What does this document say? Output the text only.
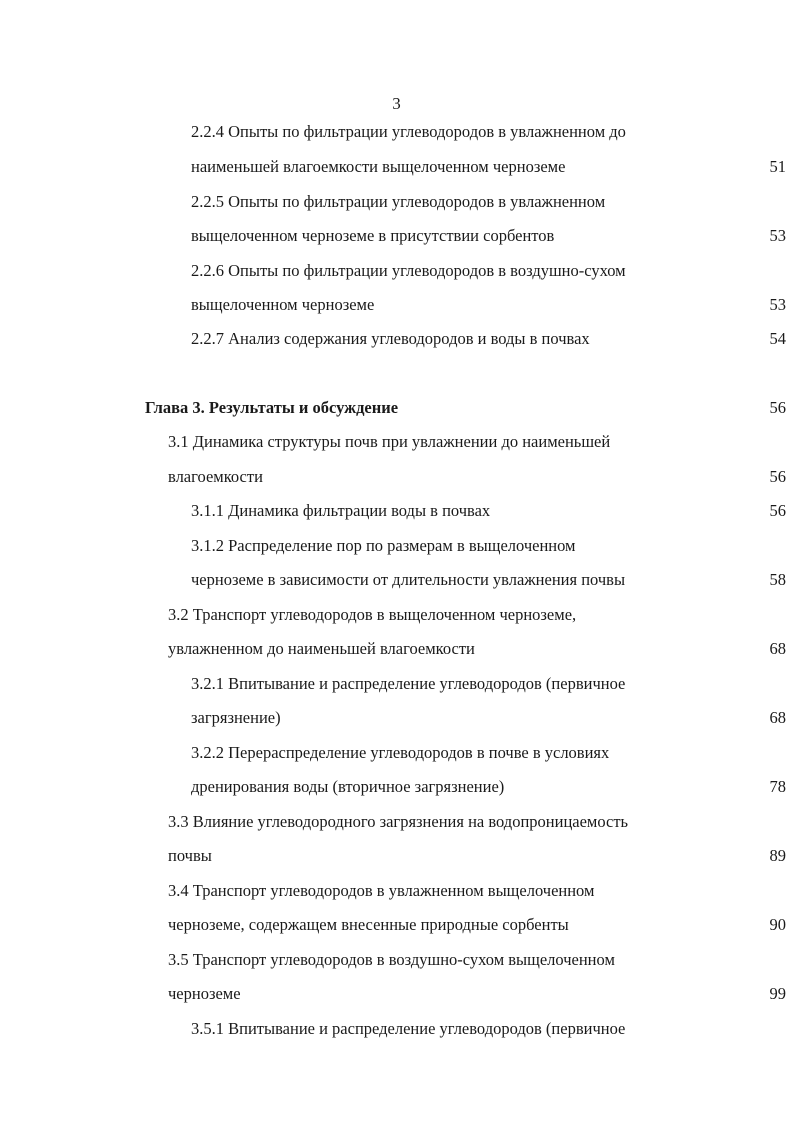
3
2.2.4 Опыты по фильтрации углеводородов в увлажненном до
наименьшей влагоемкости выщелоченном черноземе	51
2.2.5 Опыты по фильтрации углеводородов в увлажненном
выщелоченном черноземе в присутствии сорбентов	53
2.2.6 Опыты по фильтрации углеводородов в воздушно-сухом
выщелоченном черноземе	53
2.2.7 Анализ содержания углеводородов и воды в почвах	54
Глава 3. Результаты и обсуждение	56
3.1 Динамика структуры почв при увлажнении до наименьшей
влагоемкости	56
3.1.1 Динамика фильтрации воды в почвах	56
3.1.2 Распределение пор по размерам в выщелоченном
черноземе в зависимости от длительности увлажнения почвы	58
3.2 Транспорт углеводородов в выщелоченном черноземе,
увлажненном до наименьшей влагоемкости	68
3.2.1 Впитывание и распределение углеводородов (первичное
загрязнение)	68
3.2.2 Перераспределение углеводородов в почве в условиях
дренирования воды (вторичное загрязнение)	78
3.3 Влияние углеводородного загрязнения на водопроницаемость
почвы	89
3.4 Транспорт углеводородов в увлажненном выщелоченном
черноземе, содержащем внесенные природные сорбенты	90
3.5 Транспорт углеводородов в воздушно-сухом выщелоченном
черноземе	99
3.5.1 Впитывание и распределение углеводородов (первичное
